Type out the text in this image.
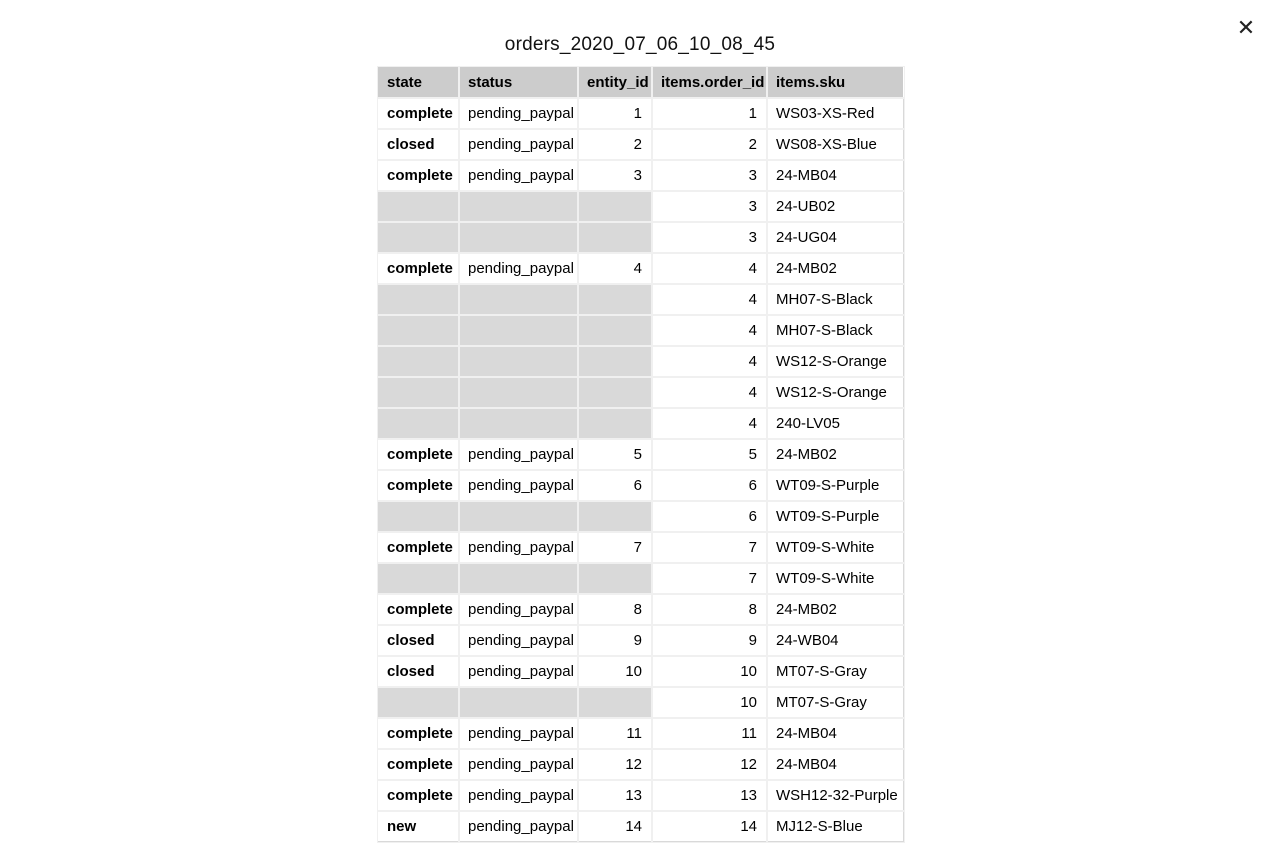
✕
orders_2020_07_06_10_08_45
state	status	entity_id	items.order_id	items.sku
complete	pending_paypal	1	1	WS03-XS-Red
closed	pending_paypal	2	2	WS08-XS-Blue
complete	pending_paypal	3	3	24-MB04
			3	24-UB02
			3	24-UG04
complete	pending_paypal	4	4	24-MB02
			4	MH07-S-Black
			4	MH07-S-Black
			4	WS12-S-Orange
			4	WS12-S-Orange
			4	240-LV05
complete	pending_paypal	5	5	24-MB02
complete	pending_paypal	6	6	WT09-S-Purple
			6	WT09-S-Purple
complete	pending_paypal	7	7	WT09-S-White
			7	WT09-S-White
complete	pending_paypal	8	8	24-MB02
closed	pending_paypal	9	9	24-WB04
closed	pending_paypal	10	10	MT07-S-Gray
			10	MT07-S-Gray
complete	pending_paypal	11	11	24-MB04
complete	pending_paypal	12	12	24-MB04
complete	pending_paypal	13	13	WSH12-32-Purple
new	pending_paypal	14	14	MJ12-S-Blue
